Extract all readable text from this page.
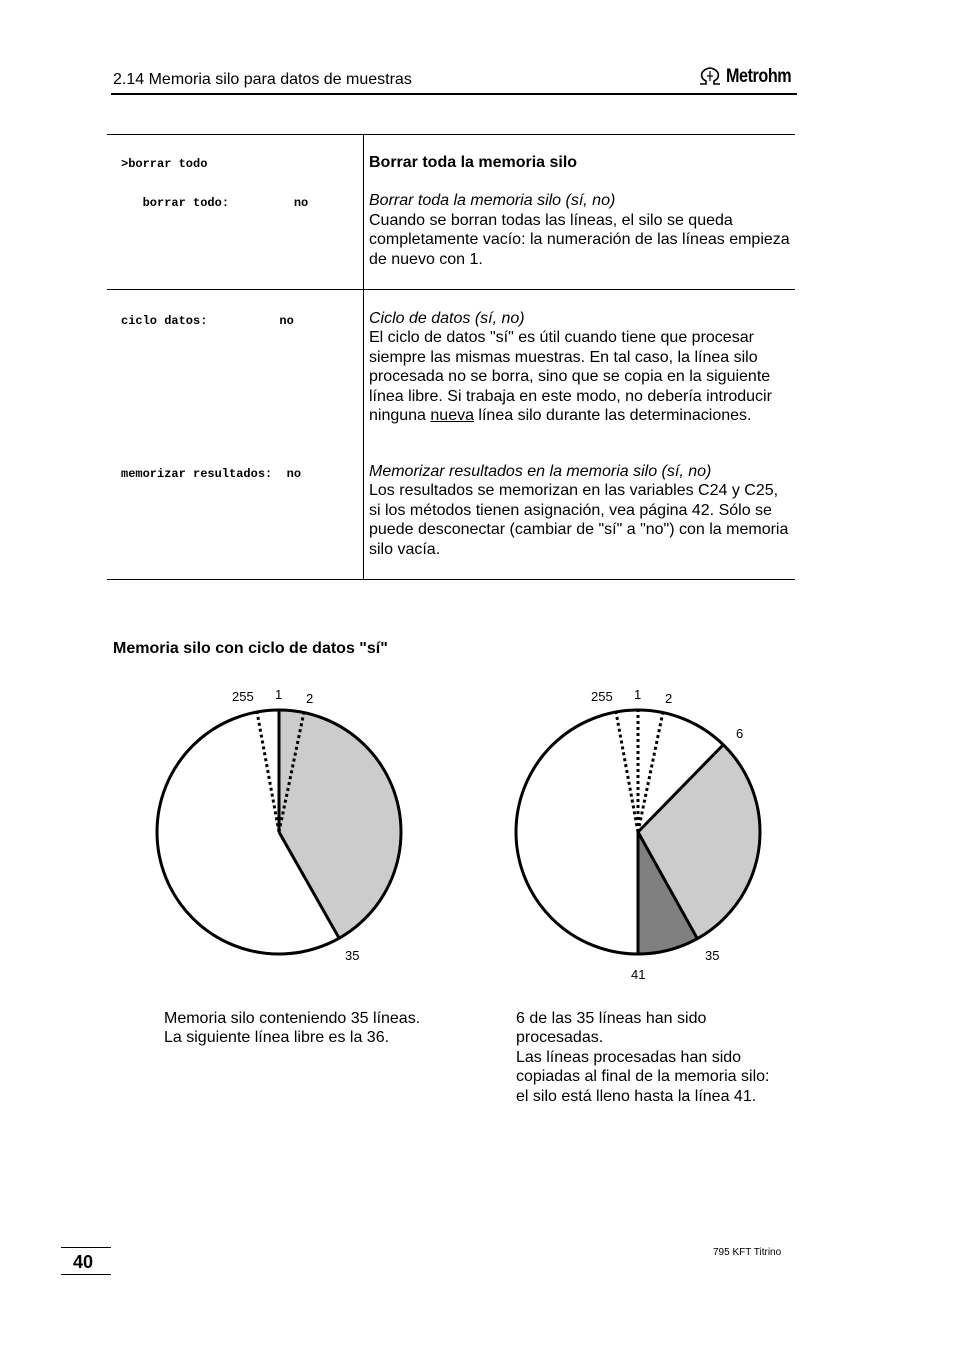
2.14 Memoria silo para datos de muestras	Metrohm
>borrar todo
borrar todo:         no
Borrar toda la memoria silo
Borrar toda la memoria silo (sí, no)
Cuando se borran todas las líneas, el silo se queda completamente vacío: la numeración de las líneas empieza de nuevo con 1.
ciclo datos:          no
memorizar resultados:  no
Ciclo de datos (sí, no)
El ciclo de datos "sí" es útil cuando tiene que procesar siempre las mismas muestras. En tal caso, la línea silo procesada no se borra, sino que se copia en la siguiente línea libre. Si trabaja en este modo, no debería introducir ninguna nueva línea silo durante las determinaciones.
Memorizar resultados en la memoria silo (sí, no)
Los resultados se memorizan en las variables C24 y C25, si los métodos tienen asignación, vea página 42. Sólo se puede desconectar (cambiar de "sí" a "no") con la memoria silo vacía.
Memoria silo con ciclo de datos "sí"
255 1 2
35
255 1 2
6
35
41
Memoria silo conteniendo 35 líneas.
La siguiente línea libre es la 36.
6 de las 35 líneas han sido
procesadas.
Las líneas procesadas han sido
copiadas al final de la memoria silo:
el silo está lleno hasta la línea 41.
40	795 KFT Titrino
